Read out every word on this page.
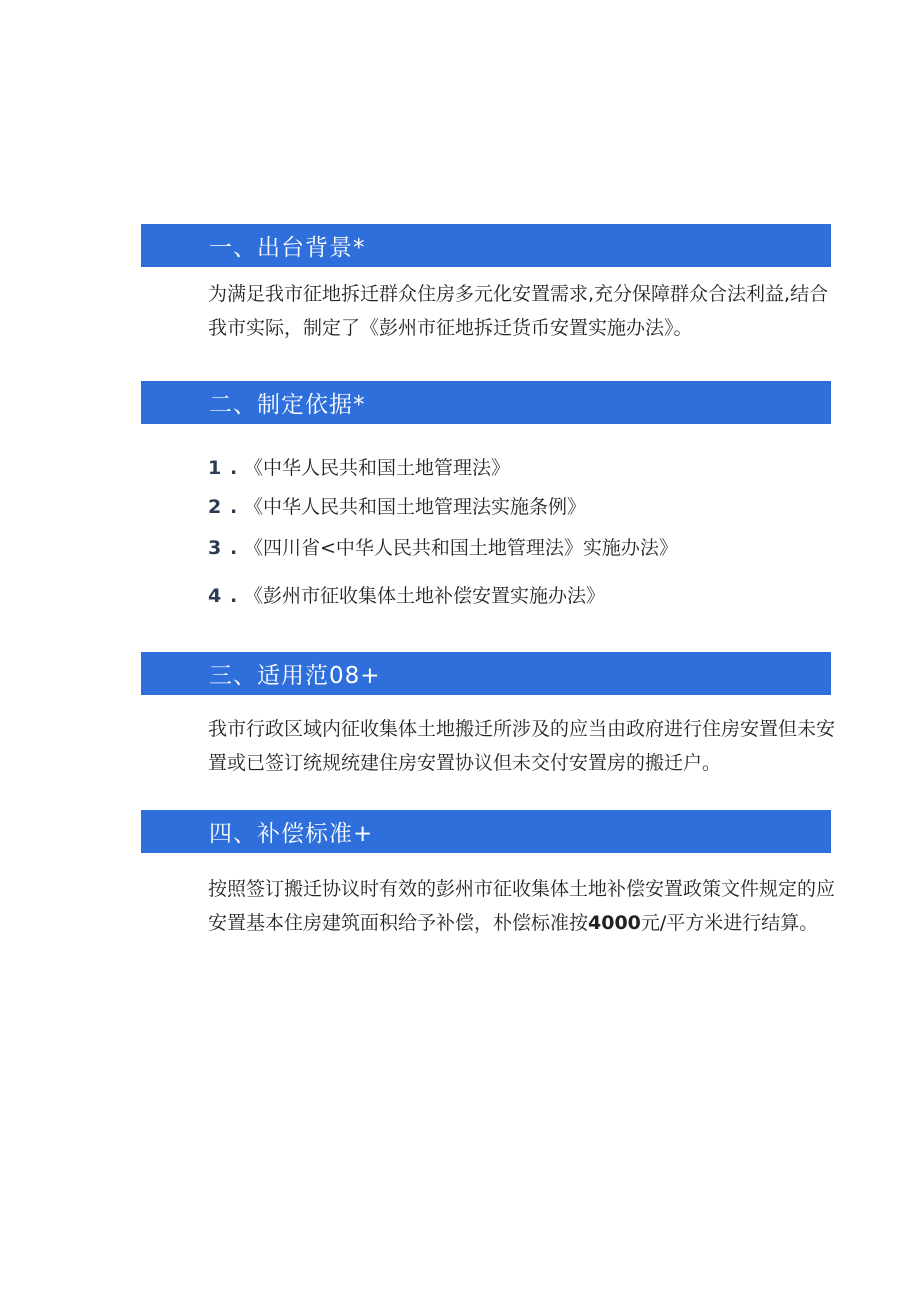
一、出台背景*
为满足我市征地拆迁群众住房多元化安置需求,充分保障群众合法利益,结合我市实际，制定了《彭州市征地拆迁货币安置实施办法》。
二、制定依据*
1 . 《中华人民共和国土地管理法》
2 . 《中华人民共和国土地管理法实施条例》
3 . 《四川省<中华人民共和国土地管理法》实施办法》
4 . 《彭州市征收集体土地补偿安置实施办法》
三、适用范08+
我市行政区域内征收集体土地搬迁所涉及的应当由政府进行住房安置但未安置或已签订统规统建住房安置协议但未交付安置房的搬迁户。
四、补偿标准+
按照签订搬迁协议时有效的彭州市征收集体土地补偿安置政策文件规定的应安置基本住房建筑面积给予补偿，朴偿标准按4000元/平方米进行结算。
